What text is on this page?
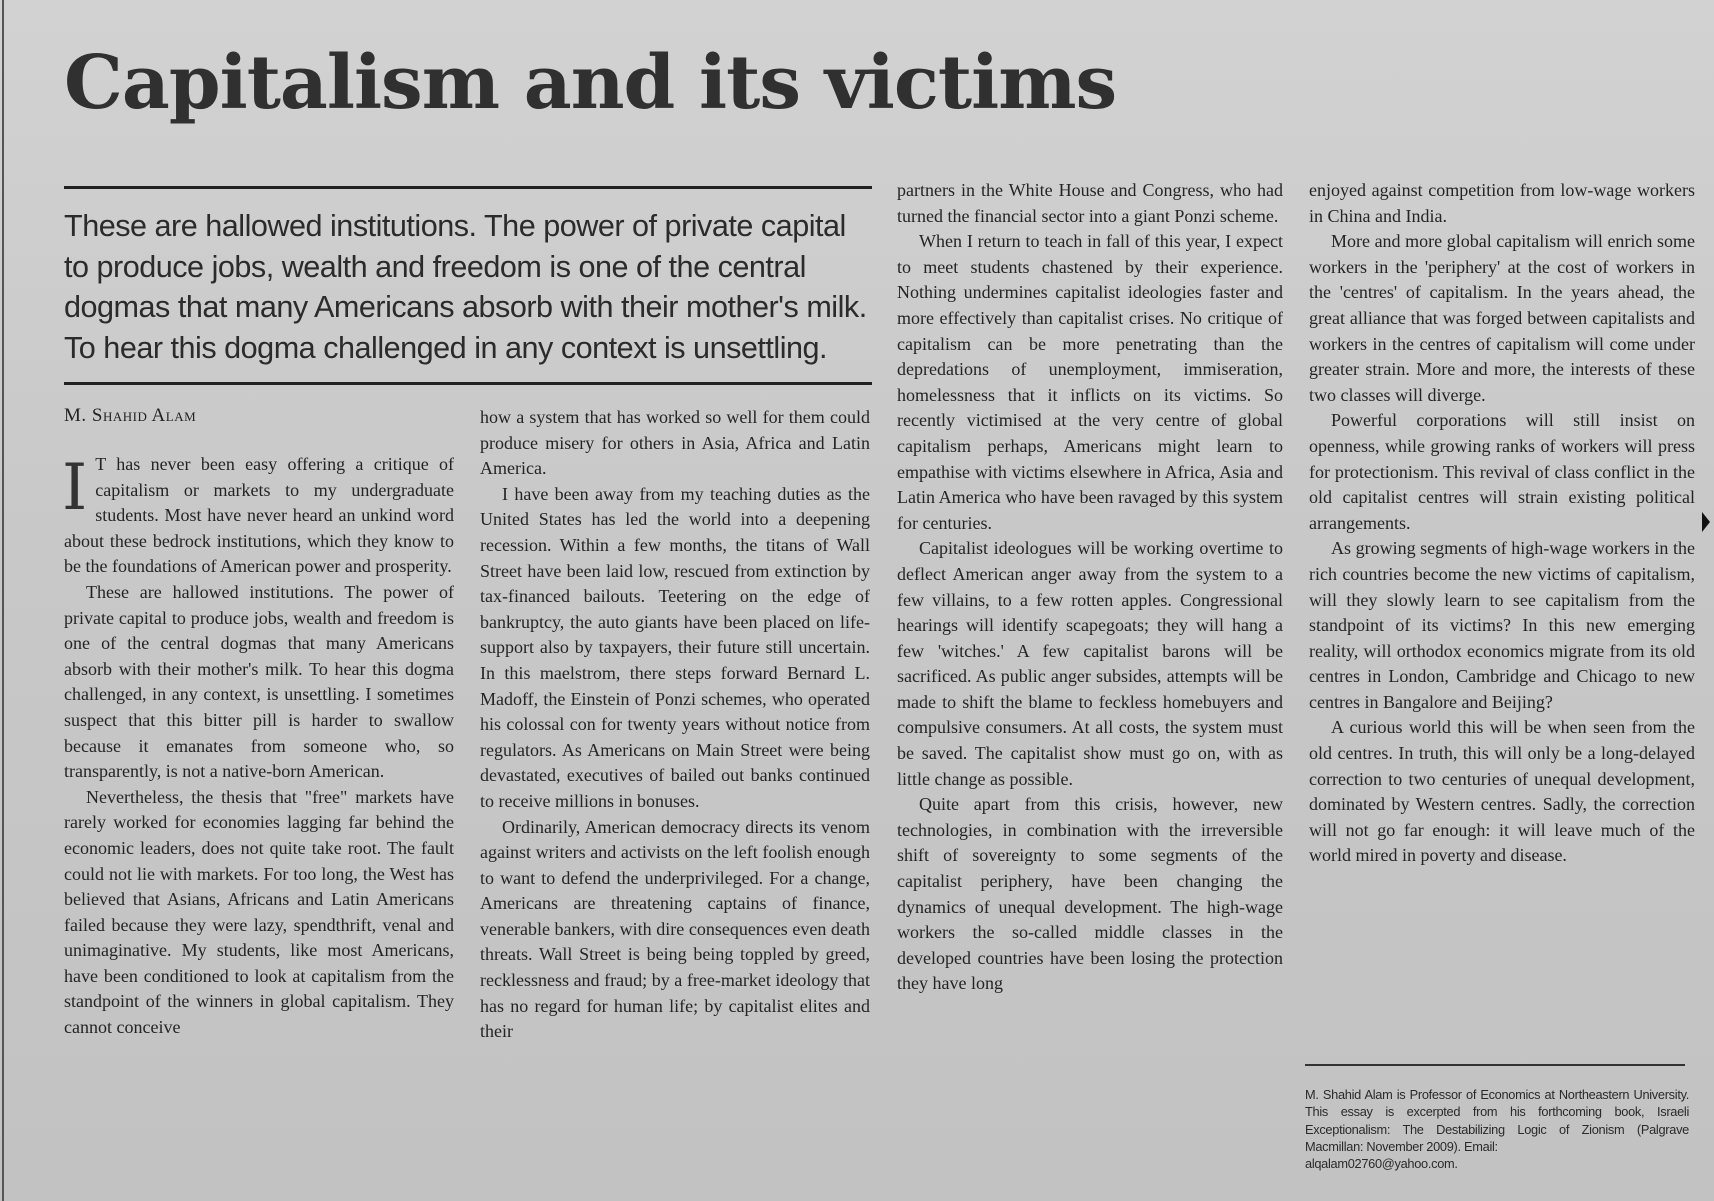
Capitalism and its victims

These are hallowed institutions. The power of private capital to produce jobs, wealth and freedom is one of the central dogmas that many Americans absorb with their mother's milk. To hear this dogma challenged in any context is unsettling.

M. Shahid Alam

I T has never been easy offering a critique of capitalism or markets to my undergraduate students. Most have never heard an unkind word about these bedrock institutions, which they know to be the foundations of American power and prosperity.

These are hallowed institutions. The power of private capital to produce jobs, wealth and freedom is one of the central dogmas that many Americans absorb with their mother's milk. To hear this dogma challenged, in any context, is unsettling. I sometimes suspect that this bitter pill is harder to swallow because it emanates from someone who, so transparently, is not a native-born American.

Nevertheless, the thesis that "free" markets have rarely worked for economies lagging far behind the economic leaders, does not quite take root. The fault could not lie with markets. For too long, the West has believed that Asians, Africans and Latin Americans failed because they were lazy, spendthrift, venal and unimaginative. My students, like most Americans, have been conditioned to look at capitalism from the standpoint of the winners in global capitalism. They cannot conceive

how a system that has worked so well for them could produce misery for others in Asia, Africa and Latin America.

I have been away from my teaching duties as the United States has led the world into a deepening recession. Within a few months, the titans of Wall Street have been laid low, rescued from extinction by tax-financed bailouts. Teetering on the edge of bankruptcy, the auto giants have been placed on life-support also by taxpayers, their future still uncertain. In this maelstrom, there steps forward Bernard L. Madoff, the Einstein of Ponzi schemes, who operated his colossal con for twenty years without notice from regulators. As Americans on Main Street were being devastated, executives of bailed out banks continued to receive millions in bonuses.

Ordinarily, American democracy directs its venom against writers and activists on the left foolish enough to want to defend the underprivileged. For a change, Americans are threatening captains of finance, venerable bankers, with dire consequences even death threats. Wall Street is being being toppled by greed, recklessness and fraud; by a free-market ideology that has no regard for human life; by capitalist elites and their

partners in the White House and Congress, who had turned the financial sector into a giant Ponzi scheme.

When I return to teach in fall of this year, I expect to meet students chastened by their experience. Nothing undermines capitalist ideologies faster and more effectively than capitalist crises. No critique of capitalism can be more penetrating than the depredations of unemployment, immiseration, homelessness that it inflicts on its victims. So recently victimised at the very centre of global capitalism perhaps, Americans might learn to empathise with victims elsewhere in Africa, Asia and Latin America who have been ravaged by this system for centuries.

Capitalist ideologues will be working overtime to deflect American anger away from the system to a few villains, to a few rotten apples. Congressional hearings will identify scapegoats; they will hang a few 'witches.' A few capitalist barons will be sacrificed. As public anger subsides, attempts will be made to shift the blame to feckless homebuyers and compulsive consumers. At all costs, the system must be saved. The capitalist show must go on, with as little change as possible.

Quite apart from this crisis, however, new technologies, in combination with the irreversible shift of sovereignty to some segments of the capitalist periphery, have been changing the dynamics of unequal development. The high-wage workers the so-called middle classes in the developed countries have been losing the protection they have long

enjoyed against competition from low-wage workers in China and India.

More and more global capitalism will enrich some workers in the 'periphery' at the cost of workers in the 'centres' of capitalism. In the years ahead, the great alliance that was forged between capitalists and workers in the centres of capitalism will come under greater strain. More and more, the interests of these two classes will diverge.

Powerful corporations will still insist on openness, while growing ranks of workers will press for protectionism. This revival of class conflict in the old capitalist centres will strain existing political arrangements.

As growing segments of high-wage workers in the rich countries become the new victims of capitalism, will they slowly learn to see capitalism from the standpoint of its victims? In this new emerging reality, will orthodox economics migrate from its old centres in London, Cambridge and Chicago to new centres in Bangalore and Beijing?

A curious world this will be when seen from the old centres. In truth, this will only be a long-delayed correction to two centuries of unequal development, dominated by Western centres. Sadly, the correction will not go far enough: it will leave much of the world mired in poverty and disease.

M. Shahid Alam is Professor of Economics at Northeastern University. This essay is excerpted from his forthcoming book, Israeli Exceptionalism: The Destabilizing Logic of Zionism (Palgrave Macmillan: November 2009). Email:
alqalam02760@yahoo.com.
